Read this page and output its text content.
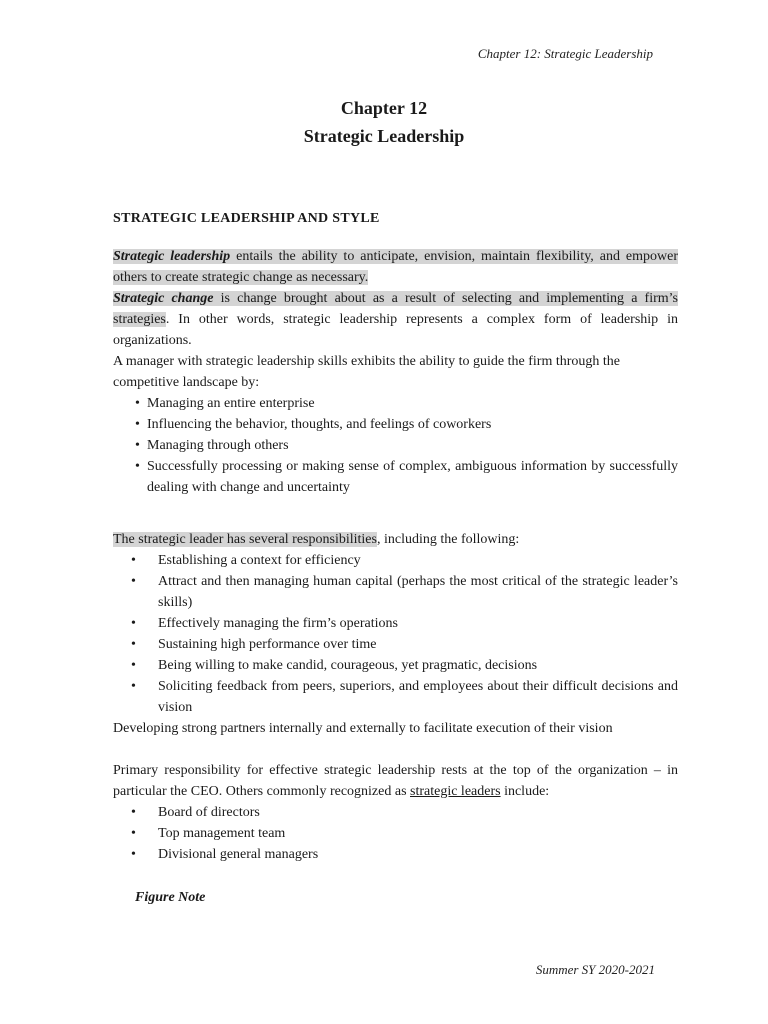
Chapter 12: Strategic Leadership
Chapter 12
Strategic Leadership
STRATEGIC LEADERSHIP AND STYLE

Strategic leadership entails the ability to anticipate, envision, maintain flexibility, and empower others to create strategic change as necessary.

Strategic change is change brought about as a result of selecting and implementing a firm’s strategies. In other words, strategic leadership represents a complex form of leadership in organizations.

A manager with strategic leadership skills exhibits the ability to guide the firm through the competitive landscape by:

• Managing an entire enterprise
• Influencing the behavior, thoughts, and feelings of coworkers
• Managing through others
• Successfully processing or making sense of complex, ambiguous information by successfully dealing with change and uncertainty

The strategic leader has several responsibilities, including the following:

• Establishing a context for efficiency
• Attract and then managing human capital (perhaps the most critical of the strategic leader’s skills)
• Effectively managing the firm’s operations
• Sustaining high performance over time
• Being willing to make candid, courageous, yet pragmatic, decisions
• Soliciting feedback from peers, superiors, and employees about their difficult decisions and vision

Developing strong partners internally and externally to facilitate execution of their vision

Primary responsibility for effective strategic leadership rests at the top of the organization – in particular the CEO. Others commonly recognized as strategic leaders include:

• Board of directors
• Top management team
• Divisional general managers
Figure Note
Summer SY 2020-2021
